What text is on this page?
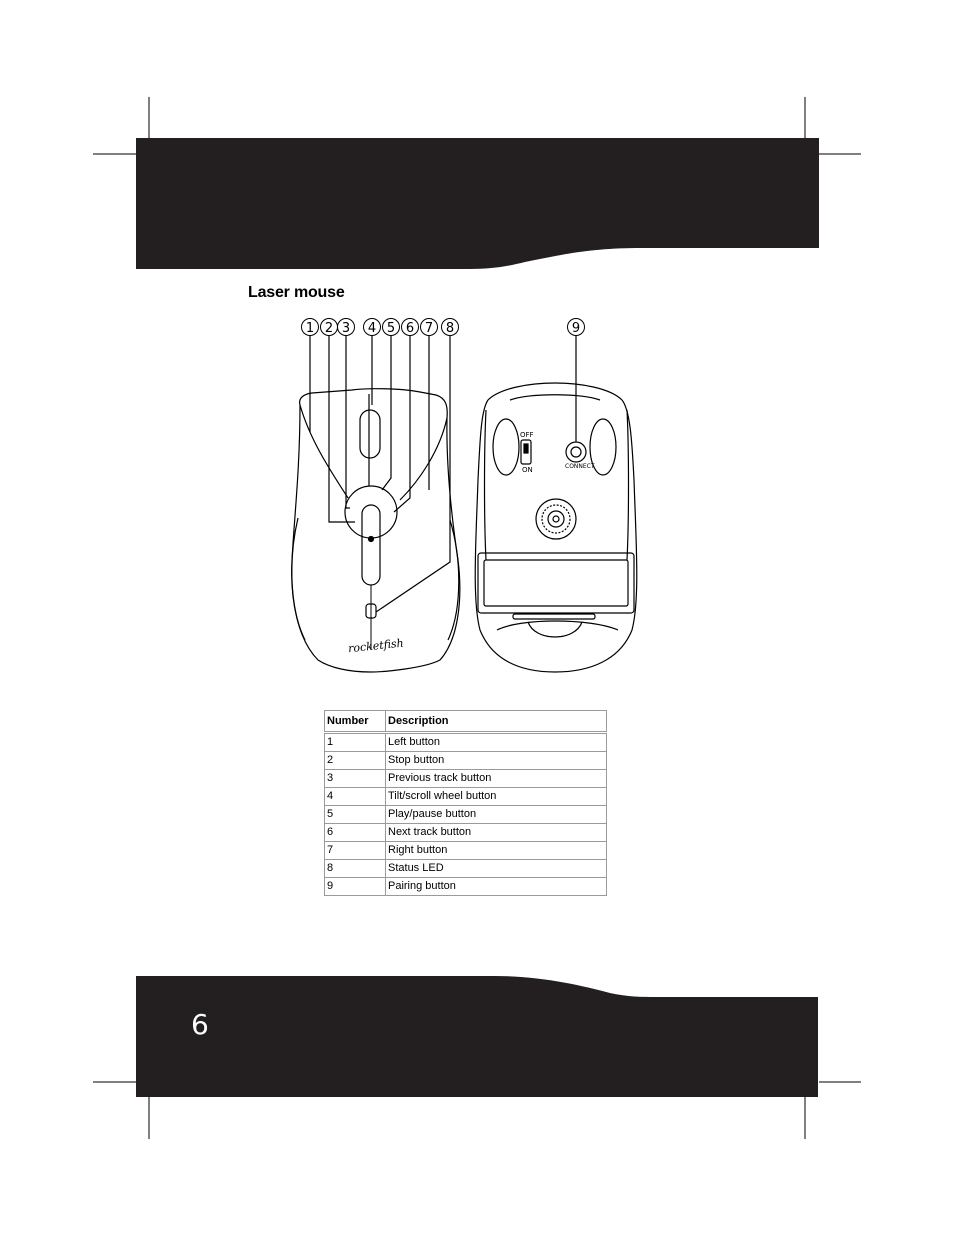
Laser mouse
OFF
ON	CONNECT
rocketfish
1 2 3 4 5 6 7 8	9
Number	Description
1	Left button
2	Stop button
3	Previous track button
4	Tilt/scroll wheel button
5	Play/pause button
6	Next track button
7	Right button
8	Status LED
9	Pairing button
6
